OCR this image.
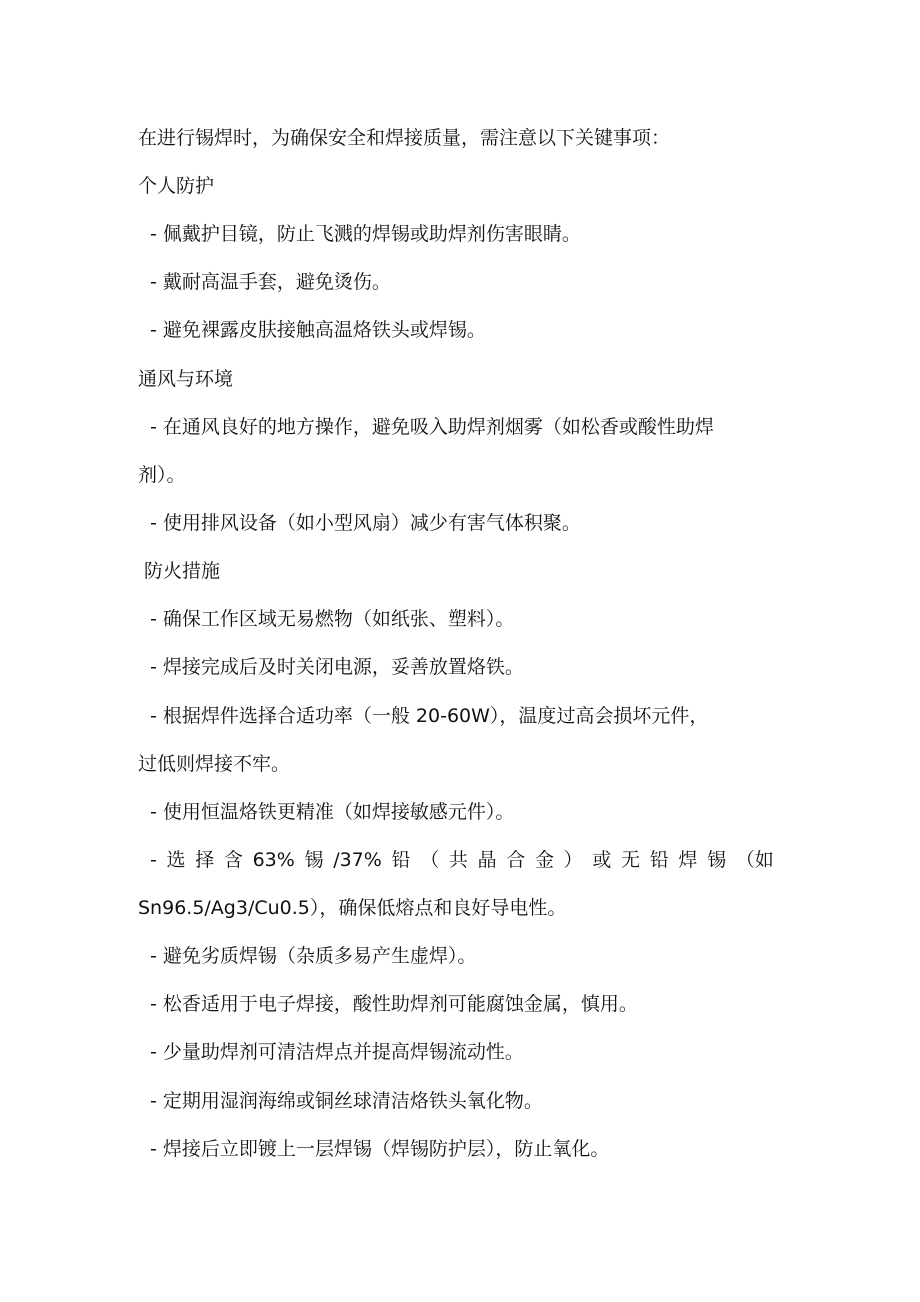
在进行锡焊时，为确保安全和焊接质量，需注意以下关键事项：
个人防护
- 佩戴护目镜，防止飞溅的焊锡或助焊剂伤害眼睛。
- 戴耐高温手套，避免烫伤。
- 避免裸露皮肤接触高温烙铁头或焊锡。
通风与环境
- 在通风良好的地方操作，避免吸入助焊剂烟雾（如松香或酸性助焊
剂）。
- 使用排风设备（如小型风扇）减少有害气体积聚。
防火措施
- 确保工作区域无易燃物（如纸张、塑料）。
- 焊接完成后及时关闭电源，妥善放置烙铁。
- 根据焊件选择合适功率（一般 20-60W），温度过高会损坏元件，
过低则焊接不牢。
- 使用恒温烙铁更精准（如焊接敏感元件）。
- 选 择 含 63% 锡 /37% 铅 （ 共 晶 合 金 ） 或 无 铅 焊 锡 （如
Sn96.5/Ag3/Cu0.5），确保低熔点和良好导电性。
- 避免劣质焊锡（杂质多易产生虚焊）。
- 松香适用于电子焊接，酸性助焊剂可能腐蚀金属，慎用。
- 少量助焊剂可清洁焊点并提高焊锡流动性。
- 定期用湿润海绵或铜丝球清洁烙铁头氧化物。
- 焊接后立即镀上一层焊锡（焊锡防护层），防止氧化。
